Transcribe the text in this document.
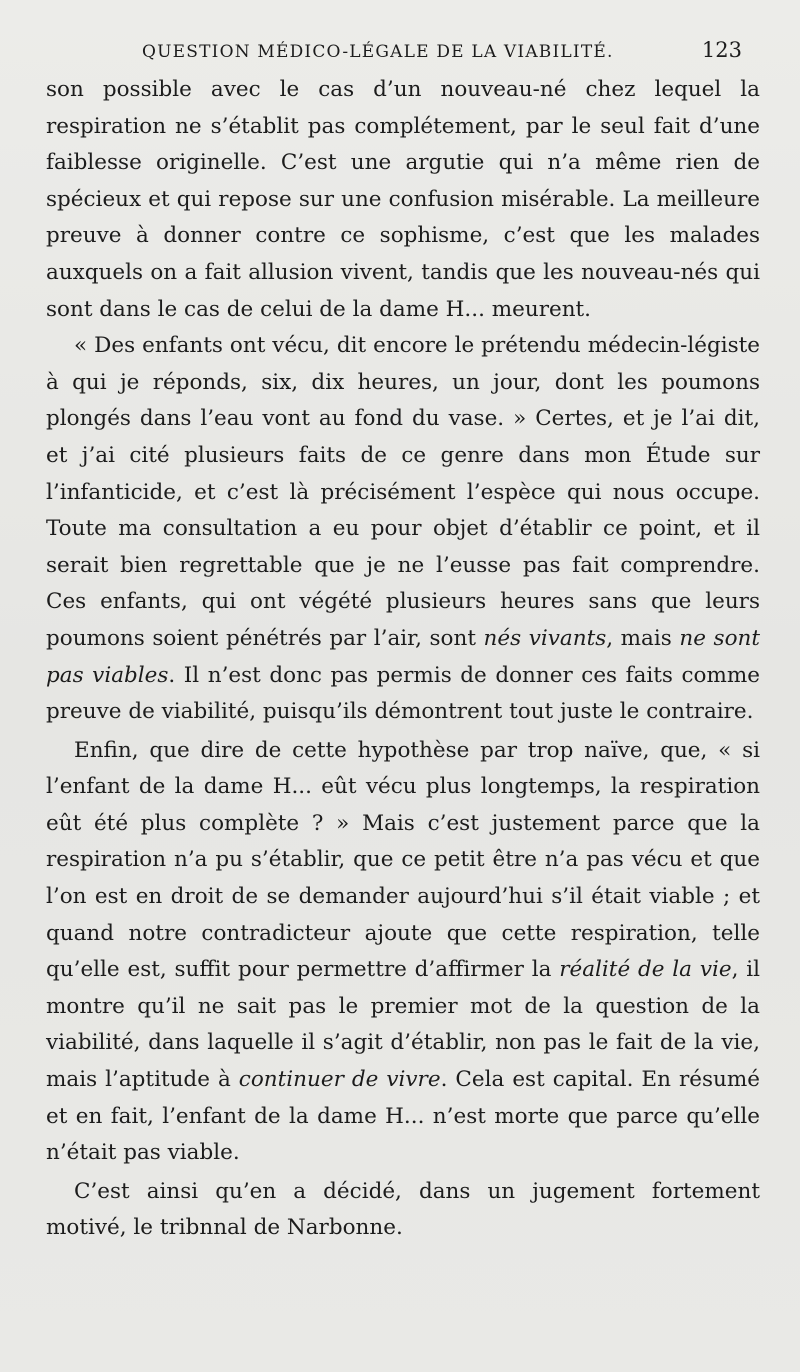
QUESTION MÉDICO-LÉGALE DE LA VIABILITÉ.	123

son possible avec le cas d’un nouveau-né chez lequel la respiration ne s’établit pas complétement, par le seul fait d’une faiblesse originelle. C’est une argutie qui n’a même rien de spécieux et qui repose sur une confusion misérable. La meilleure preuve à donner contre ce sophisme, c’est que les malades auxquels on a fait allusion vivent, tandis que les nouveau-nés qui sont dans le cas de celui de la dame H... meurent.

« Des enfants ont vécu, dit encore le prétendu médecin-légiste à qui je réponds, six, dix heures, un jour, dont les poumons plongés dans l’eau vont au fond du vase. » Certes, et je l’ai dit, et j’ai cité plusieurs faits de ce genre dans mon Étude sur l’infanticide, et c’est là précisément l’espèce qui nous occupe. Toute ma consultation a eu pour objet d’établir ce point, et il serait bien regrettable que je ne l’eusse pas fait comprendre. Ces enfants, qui ont végété plusieurs heures sans que leurs poumons soient pénétrés par l’air, sont nés vivants, mais ne sont pas viables. Il n’est donc pas permis de donner ces faits comme preuve de viabilité, puisqu’ils démontrent tout juste le contraire.

Enfin, que dire de cette hypothèse par trop naïve, que, « si l’enfant de la dame H... eût vécu plus longtemps, la respiration eût été plus complète ? » Mais c’est justement parce que la respiration n’a pu s’établir, que ce petit être n’a pas vécu et que l’on est en droit de se demander aujourd’hui s’il était viable ; et quand notre contradicteur ajoute que cette respiration, telle qu’elle est, suffit pour permettre d’affirmer la réalité de la vie, il montre qu’il ne sait pas le premier mot de la question de la viabilité, dans laquelle il s’agit d’établir, non pas le fait de la vie, mais l’aptitude à continuer de vivre. Cela est capital. En résumé et en fait, l’enfant de la dame H... n’est morte que parce qu’elle n’était pas viable.

C’est ainsi qu’en a décidé, dans un jugement fortement motivé, le tribnnal de Narbonne.
